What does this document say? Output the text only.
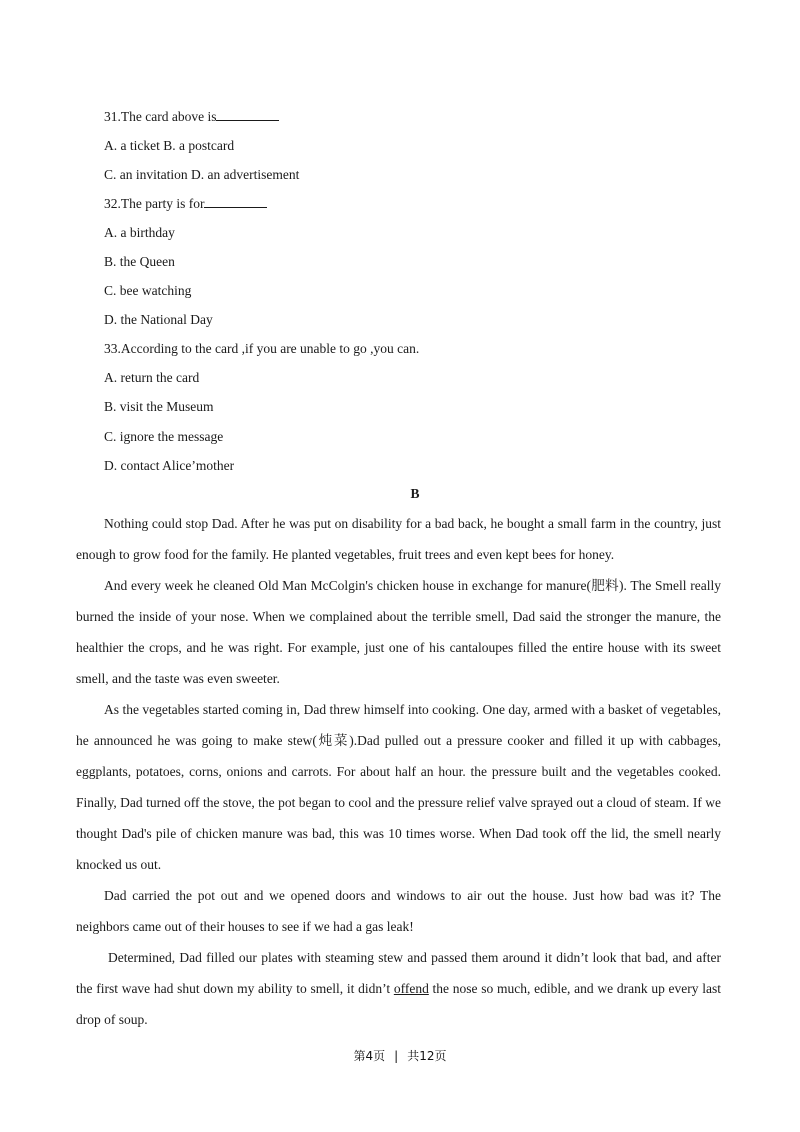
31.The card above is
A. a ticket B. a postcard
C. an invitation D. an advertisement
32.The party is for
A. a birthday
B. the Queen
C. bee watching
D. the National Day
33.According to the card ,if you are unable to go ,you can.
A. return the card
B. visit the Museum
C. ignore the message
D. contact Alice’mother
B

Nothing could stop Dad. After he was put on disability for a bad back, he bought a small farm in the country, just enough to grow food for the family. He planted vegetables, fruit trees and even kept bees for honey.

And every week he cleaned Old Man McColgin's chicken house in exchange for manure(肥料). The Smell really burned the inside of your nose. When we complained about the terrible smell, Dad said the stronger the manure, the healthier the crops, and he was right. For example, just one of his cantaloupes filled the entire house with its sweet smell, and the taste was even sweeter.

As the vegetables started coming in, Dad threw himself into cooking. One day, armed with a basket of vegetables, he announced he was going to make stew(炖菜).Dad pulled out a pressure cooker and filled it up with cabbages, eggplants, potatoes, corns, onions and carrots. For about half an hour. the pressure built and the vegetables cooked. Finally, Dad turned off the stove, the pot began to cool and the pressure relief valve sprayed out a cloud of steam. If we thought Dad's pile of chicken manure was bad, this was 10 times worse. When Dad took off the lid, the smell nearly knocked us out.

Dad carried the pot out and we opened doors and windows to air out the house. Just how bad was it? The neighbors came out of their houses to see if we had a gas leak!

Determined, Dad filled our plates with steaming stew and passed them around it didn’t look that bad, and after the first wave had shut down my ability to smell, it didn’t offend the nose so much, edible, and we drank up every last drop of soup.

第4页 | 共12页
